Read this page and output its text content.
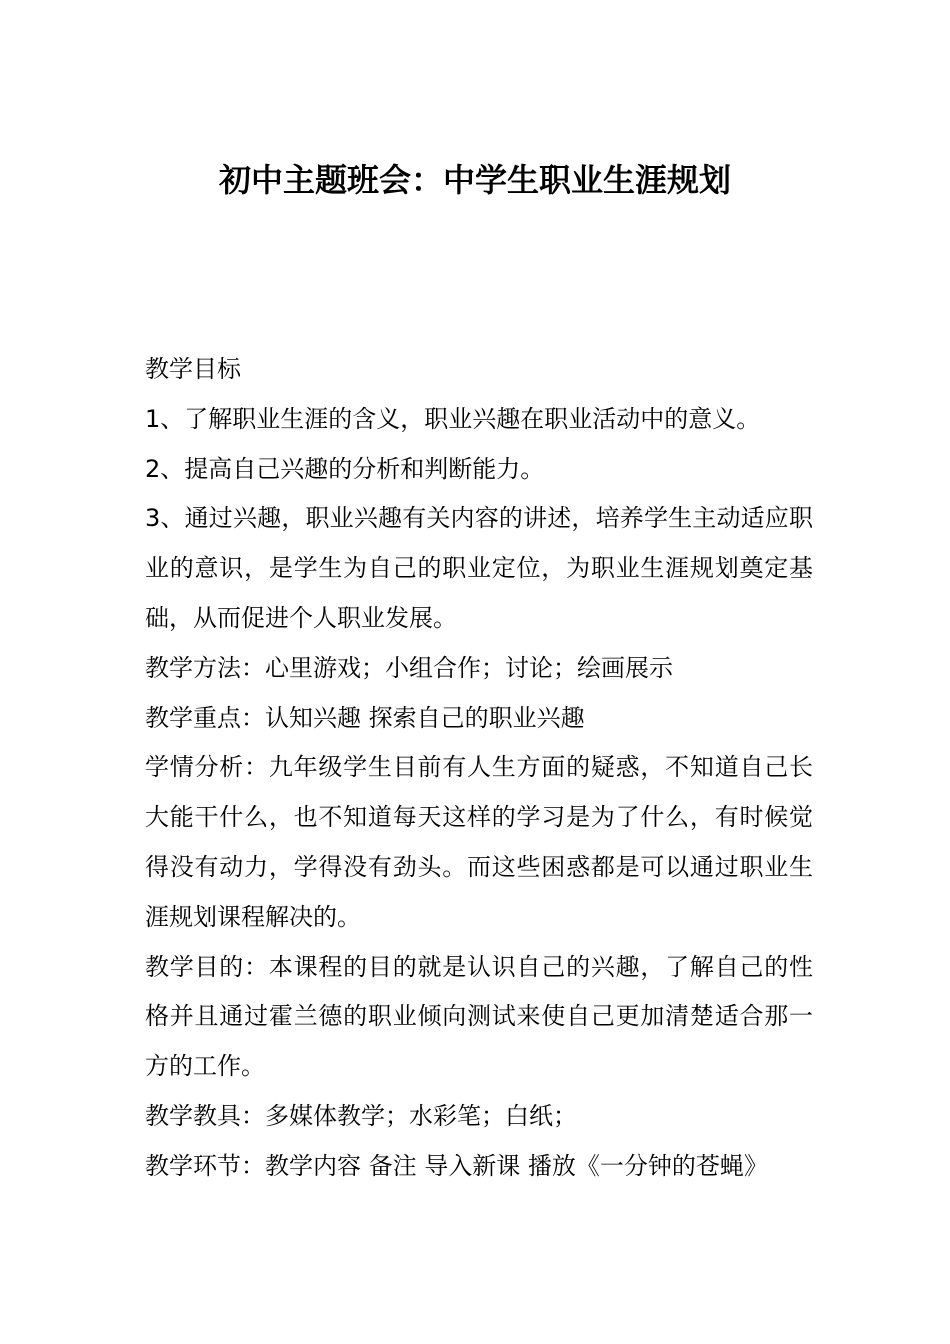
初中主题班会：中学生职业生涯规划

教学目标

1、了解职业生涯的含义，职业兴趣在职业活动中的意义。

2、提高自己兴趣的分析和判断能力。

3、通过兴趣，职业兴趣有关内容的讲述，培养学生主动适应职业的意识，是学生为自己的职业定位，为职业生涯规划奠定基础，从而促进个人职业发展。

教学方法：心里游戏；小组合作；讨论；绘画展示

教学重点：认知兴趣 探索自己的职业兴趣

学情分析：九年级学生目前有人生方面的疑惑，不知道自己长大能干什么，也不知道每天这样的学习是为了什么，有时候觉得没有动力，学得没有劲头。而这些困惑都是可以通过职业生涯规划课程解决的。

教学目的：本课程的目的就是认识自己的兴趣，了解自己的性格并且通过霍兰德的职业倾向测试来使自己更加清楚适合那一方的工作。

教学教具：多媒体教学；水彩笔；白纸；

教学环节：教学内容 备注 导入新课 播放《一分钟的苍蝇》
